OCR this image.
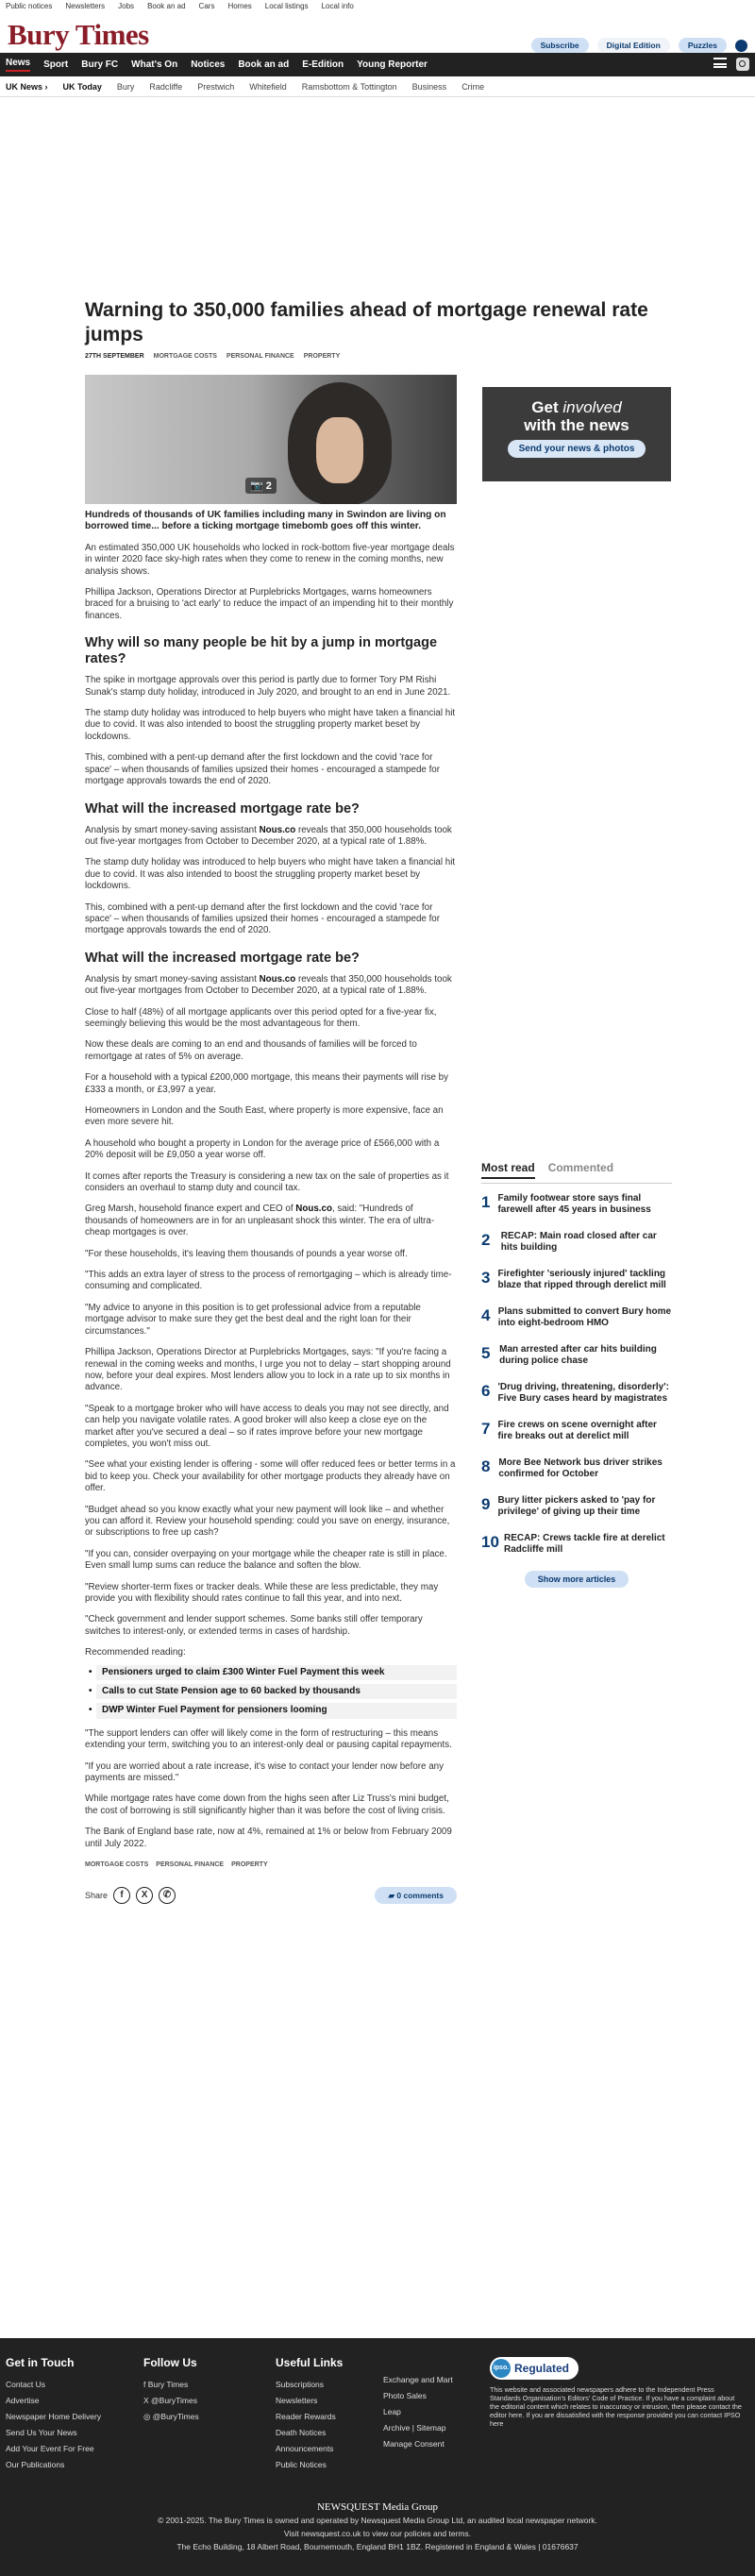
Public notices Newsletters Jobs Book an ad Cars Homes Local listings Local info
Bury Times	Subscribe	Digital Edition	Puzzles
News Sport Bury FC What's On Notices Book an ad E-Edition Young Reporter
UK News › UK Today Bury Radcliffe Prestwich Whitefield Ramsbottom & Tottington Business Crime
Warning to 350,000 families ahead of mortgage renewal rate jumps
27TH SEPTEMBER MORTGAGE COSTS PERSONAL FINANCE PROPERTY
📷 2
Get involved
with the news
Send your news & photos

Hundreds of thousands of UK families including many in Swindon are living on borrowed time... before a ticking mortgage timebomb goes off this winter.

An estimated 350,000 UK households who locked in rock-bottom five-year mortgage deals in winter 2020 face sky-high rates when they come to renew in the coming months, new analysis shows.

Phillipa Jackson, Operations Director at Purplebricks Mortgages, warns homeowners braced for a bruising to 'act early' to reduce the impact of an impending hit to their monthly finances.

Why will so many people be hit by a jump in mortgage rates?

The spike in mortgage approvals over this period is partly due to former Tory PM Rishi Sunak's stamp duty holiday, introduced in July 2020, and brought to an end in June 2021.

The stamp duty holiday was introduced to help buyers who might have taken a financial hit due to covid. It was also intended to boost the struggling property market beset by lockdowns.

This, combined with a pent-up demand after the first lockdown and the covid 'race for space' – when thousands of families upsized their homes - encouraged a stampede for mortgage approvals towards the end of 2020.

What will the increased mortgage rate be?

Analysis by smart money-saving assistant Nous.co reveals that 350,000 households took out five-year mortgages from October to December 2020, at a typical rate of 1.88%.

The stamp duty holiday was introduced to help buyers who might have taken a financial hit due to covid. It was also intended to boost the struggling property market beset by lockdowns.

This, combined with a pent-up demand after the first lockdown and the covid 'race for space' – when thousands of families upsized their homes - encouraged a stampede for mortgage approvals towards the end of 2020.

What will the increased mortgage rate be?

Analysis by smart money-saving assistant Nous.co reveals that 350,000 households took out five-year mortgages from October to December 2020, at a typical rate of 1.88%.

Close to half (48%) of all mortgage applicants over this period opted for a five-year fix, seemingly believing this would be the most advantageous for them.

Now these deals are coming to an end and thousands of families will be forced to remortgage at rates of 5% on average.

For a household with a typical £200,000 mortgage, this means their payments will rise by £333 a month, or £3,997 a year.

Homeowners in London and the South East, where property is more expensive, face an even more severe hit.

A household who bought a property in London for the average price of £566,000 with a 20% deposit will be £9,050 a year worse off.

It comes after reports the Treasury is considering a new tax on the sale of properties as it considers an overhaul to stamp duty and council tax.

Greg Marsh, household finance expert and CEO of Nous.co, said: "Hundreds of thousands of homeowners are in for an unpleasant shock this winter. The era of ultra-cheap mortgages is over.

"For these households, it's leaving them thousands of pounds a year worse off.

"This adds an extra layer of stress to the process of remortgaging – which is already time-consuming and complicated.

"My advice to anyone in this position is to get professional advice from a reputable mortgage advisor to make sure they get the best deal and the right loan for their circumstances."

Phillipa Jackson, Operations Director at Purplebricks Mortgages, says: "If you're facing a renewal in the coming weeks and months, I urge you not to delay – start shopping around now, before your deal expires. Most lenders allow you to lock in a rate up to six months in advance.

"Speak to a mortgage broker who will have access to deals you may not see directly, and can help you navigate volatile rates. A good broker will also keep a close eye on the market after you've secured a deal – so if rates improve before your new mortgage completes, you won't miss out.

"See what your existing lender is offering - some will offer reduced fees or better terms in a bid to keep you. Check your availability for other mortgage products they already have on offer.

"Budget ahead so you know exactly what your new payment will look like – and whether you can afford it. Review your household spending: could you save on energy, insurance, or subscriptions to free up cash?

"If you can, consider overpaying on your mortgage while the cheaper rate is still in place. Even small lump sums can reduce the balance and soften the blow.

"Review shorter-term fixes or tracker deals. While these are less predictable, they may provide you with flexibility should rates continue to fall this year, and into next.

"Check government and lender support schemes. Some banks still offer temporary switches to interest-only, or extended terms in cases of hardship.

Recommended reading:
• Pensioners urged to claim £300 Winter Fuel Payment this week
• Calls to cut State Pension age to 60 backed by thousands
• DWP Winter Fuel Payment for pensioners looming

"The support lenders can offer will likely come in the form of restructuring – this means extending your term, switching you to an interest-only deal or pausing capital repayments.

"If you are worried about a rate increase, it's wise to contact your lender now before any payments are missed."

While mortgage rates have come down from the highs seen after Liz Truss's mini budget, the cost of borrowing is still significantly higher than it was before the cost of living crisis.

The Bank of England base rate, now at 4%, remained at 1% or below from February 2009 until July 2022.

MORTGAGE COSTS PERSONAL FINANCE PROPERTY
Share	f	X	✆	▰ 0 comments
Most read Commented
1 Family footwear store says final farewell after 45 years in business
2	RECAP: Main road closed after car hits building
3 Firefighter 'seriously injured' tackling blaze that ripped through derelict mill
4 Plans submitted to convert Bury home into eight-bedroom HMO
5 Man arrested after car hits building during police chase
6 'Drug driving, threatening, disorderly': Five Bury cases heard by magistrates
7 Fire crews on scene overnight after fire breaks out at derelict mill
8 More Bee Network bus driver strikes confirmed for October
9 Bury litter pickers asked to 'pay for privilege' of giving up their time
10 RECAP: Crews tackle fire at derelict Radcliffe mill
Show more articles
Get in Touch
Contact Us
Advertise
Newspaper Home Delivery
Send Us Your News
Add Your Event For Free
Our Publications
Follow Us
f Bury Times
X @BuryTimes
◎ @BuryTimes
Useful Links
Subscriptions
Newsletters
Reader Rewards
Death Notices
Announcements
Public Notices
Exchange and Mart
Photo Sales
Leap
Archive | Sitemap
Manage Consent
ipso. Regulated
This website and associated newspapers adhere to the Independent Press Standards Organisation's Editors' Code of Practice. If you have a complaint about the editorial content which relates to inaccuracy or intrusion, then please contact the editor here. If you are dissatisfied with the response provided you can contact IPSO here
NEWSQUEST Media Group
© 2001-2025. The Bury Times is owned and operated by Newsquest Media Group Ltd, an audited local newspaper network.
Visit newsquest.co.uk to view our policies and terms.
The Echo Building, 18 Albert Road, Bournemouth, England BH1 1BZ. Registered in England & Wales | 01676637
